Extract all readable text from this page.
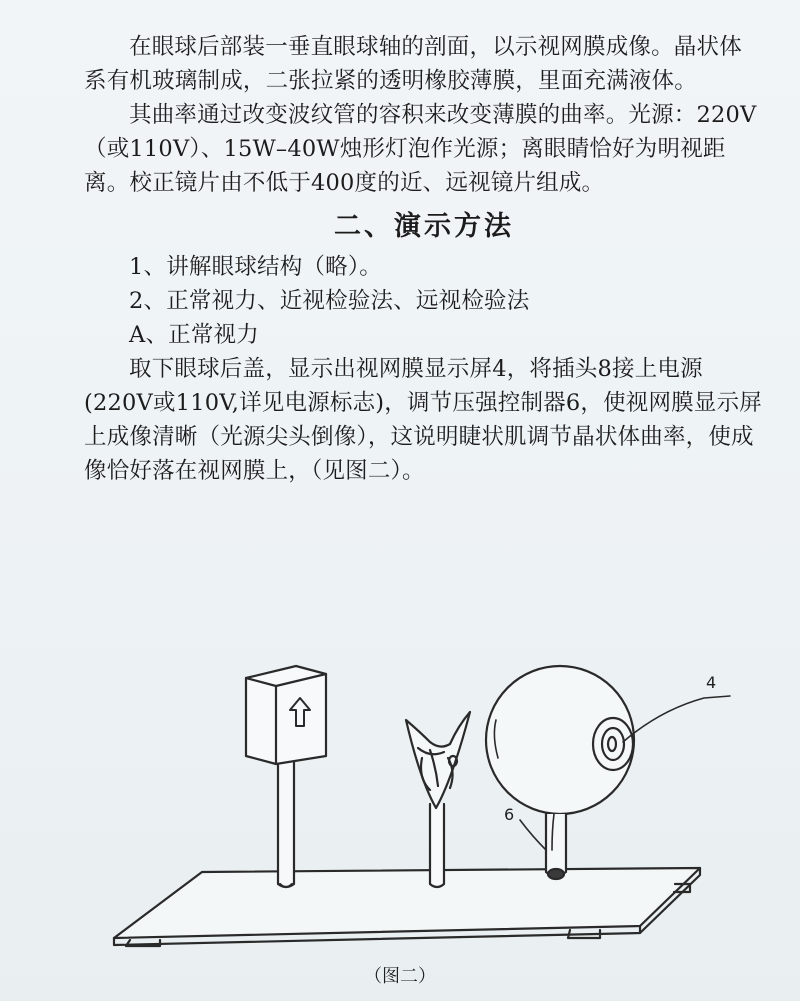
在眼球后部装一垂直眼球轴的剖面，以示视网膜成像。晶状体系有机玻璃制成，二张拉紧的透明橡胶薄膜，里面充满液体。

其曲率通过改变波纹管的容积来改变薄膜的曲率。光源：220V（或110V）、15W–40W烛形灯泡作光源；离眼睛恰好为明视距离。校正镜片由不低于400度的近、远视镜片组成。

二、演示方法

1、讲解眼球结构（略）。

2、正常视力、近视检验法、远视检验法

A、正常视力

取下眼球后盖，显示出视网膜显示屏4，将插头8接上电源(220V或110V,详见电源标志)，调节压强控制器6，使视网膜显示屏上成像清晰（光源尖头倒像），这说明睫状肌调节晶状体曲率，使成像恰好落在视网膜上，（见图二）。

4
6
（图二）
